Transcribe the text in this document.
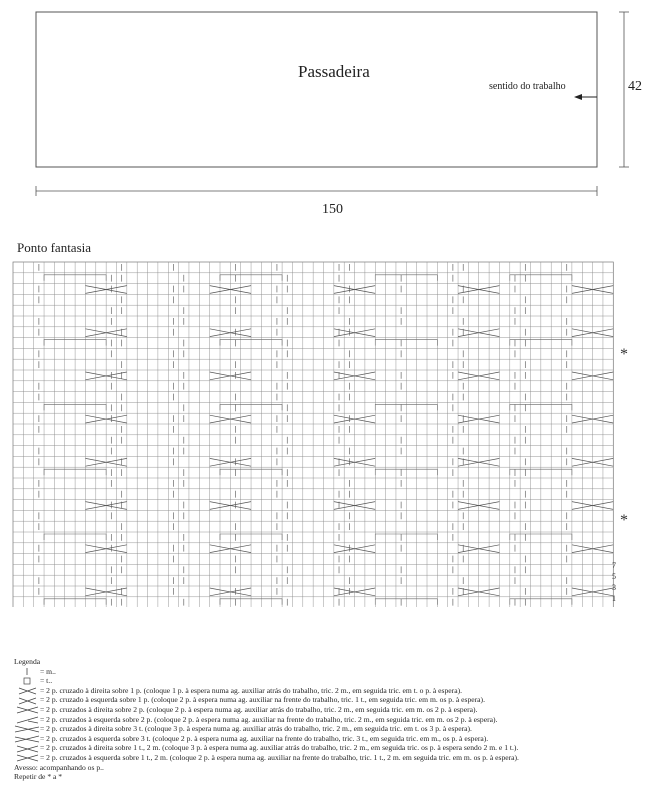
Passadeira
sentido do trabalho	42
150
Ponto fantasia
*
*
7
5
3
1
Legenda
= m..
= t..
= 2 p. cruzado à direita sobre 1 p. (coloque 1 p. à espera numa ag. auxiliar atrás do trabalho, tric. 2 m., em seguida tric. em t. o p. à espera).
= 2 p. cruzado à esquerda sobre 1 p. (coloque 2 p. à espera numa ag. auxiliar na frente do trabalho, tric. 1 t., em seguida tric. em m. os p. à espera).
= 2 p. cruzados à direita sobre 2 p. (coloque 2 p. à espera numa ag. auxiliar atrás do trabalho, tric. 2 m., em seguida tric. em m. os 2 p. à espera).
= 2 p. cruzados à esquerda sobre 2 p. (coloque 2 p. à espera numa ag. auxiliar na frente do trabalho, tric. 2 m., em seguida tric. em m. os 2 p. à espera).
= 2 p. cruzados à direita sobre 3 t. (coloque 3 p. à espera numa ag. auxiliar atrás do trabalho, tric. 2 m., em seguida tric. em t. os 3 p. à espera).
= 2 p. cruzados à esquerda sobre 3 t. (coloque 2 p. à espera numa ag. auxiliar na frente do trabalho, tric. 3 t., em seguida tric. em m., os p. à espera).
= 2 p. cruzados à direita sobre 1 t., 2 m. (coloque 3 p. à espera numa ag. auxiliar atrás do trabalho, tric. 2 m., em seguida tric. os p. à espera sendo 2 m. e 1 t.).
= 2 p. cruzados à esquerda sobre 1 t., 2 m. (coloque 2 p. à espera numa ag. auxiliar na frente do trabalho, tric. 1 t., 2 m. em seguida tric. em m. os p. à espera).
Avesso: acompanhando os p..
Repetir de * a *
